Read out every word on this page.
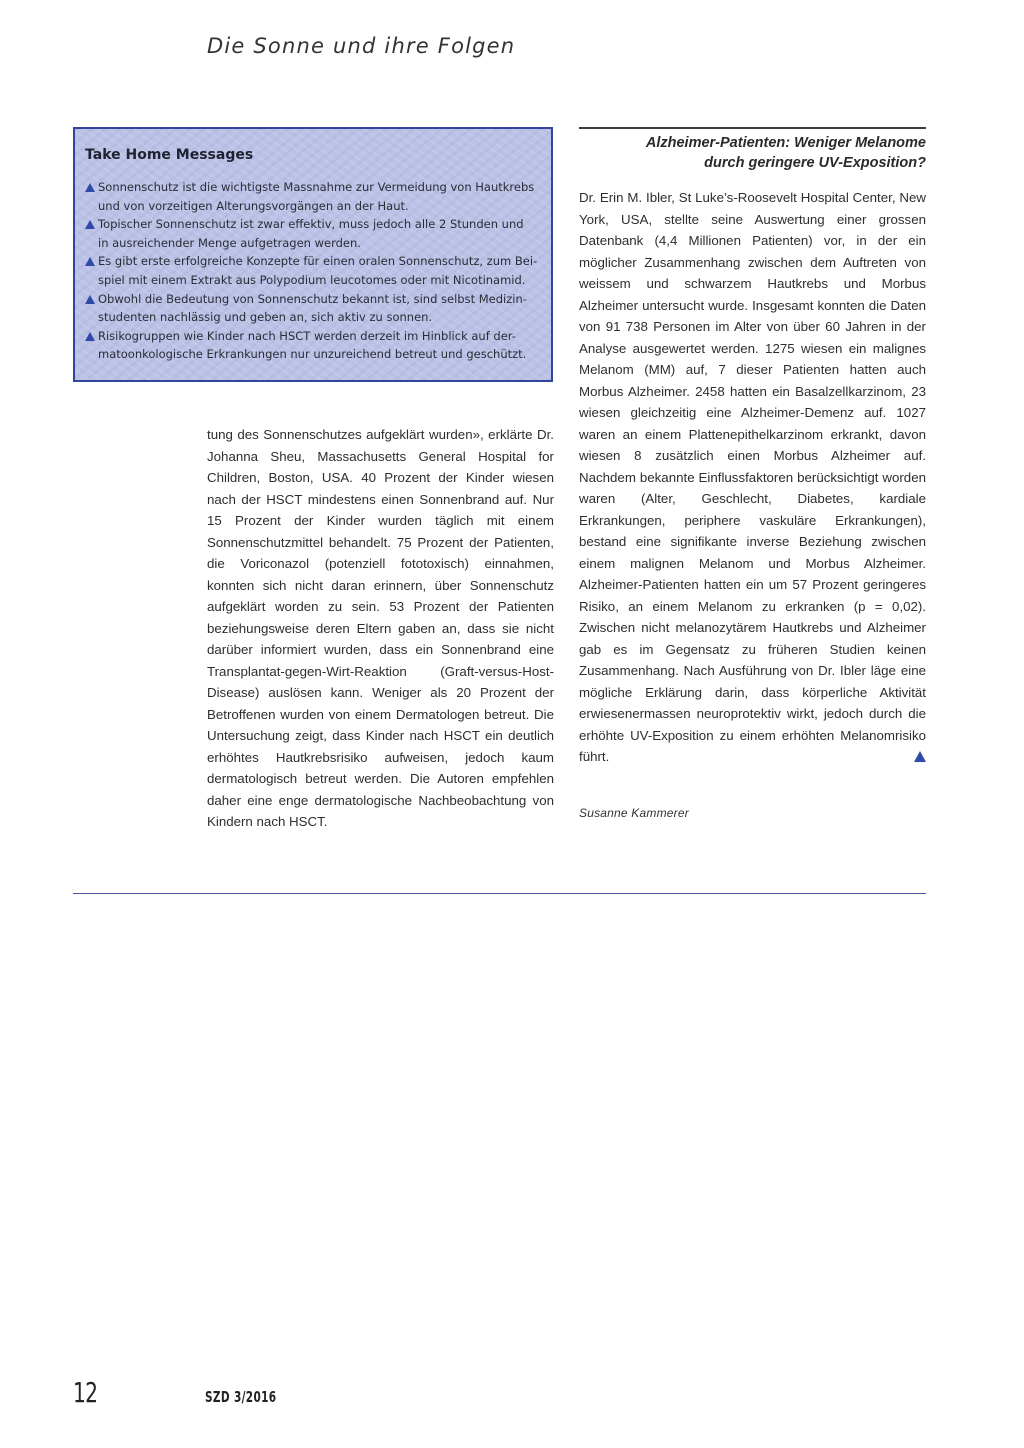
Die Sonne und ihre Folgen
Take Home Messages
Sonnenschutz ist die wichtigste Massnahme zur Vermeidung von Hautkrebs
und von vorzeitigen Alterungsvorgängen an der Haut.
Topischer Sonnenschutz ist zwar effektiv, muss jedoch alle 2 Stunden und
in ausreichender Menge aufgetragen werden.
Es gibt erste erfolgreiche Konzepte für einen oralen Sonnenschutz, zum Bei-
spiel mit einem Extrakt aus Polypodium leucotomes oder mit Nicotinamid.
Obwohl die Bedeutung von Sonnenschutz bekannt ist, sind selbst Medizin-
studenten nachlässig und geben an, sich aktiv zu sonnen.
Risikogruppen wie Kinder nach HSCT werden derzeit im Hinblick auf der-
matoonkologische Erkrankungen nur unzureichend betreut und geschützt.

tung des Sonnenschutzes aufgeklärt wurden», erklärte Dr. Johanna Sheu, Massachusetts General Hospital for Children, Boston, USA. 40 Prozent der Kinder wiesen nach der HSCT mindestens einen Sonnenbrand auf. Nur 15 Prozent der Kinder wurden täglich mit einem Sonnenschutzmittel behandelt. 75 Prozent der Patienten, die Voriconazol (potenziell fototoxisch) einnahmen, konnten sich nicht daran erinnern, über Sonnenschutz aufgeklärt worden zu sein. 53 Prozent der Patienten beziehungsweise deren Eltern gaben an, dass sie nicht darüber informiert wurden, dass ein Sonnenbrand eine Transplantat-gegen-Wirt-Reaktion (Graft-versus-Host-Disease) auslösen kann. Weniger als 20 Prozent der Betroffenen wurden von einem Dermatologen betreut. Die Untersuchung zeigt, dass Kinder nach HSCT ein deutlich erhöhtes Hautkrebsrisiko aufweisen, jedoch kaum dermatologisch betreut werden. Die Autoren empfehlen daher eine enge dermatologische Nachbeobachtung von Kindern nach HSCT.

Alzheimer-Patienten: Weniger Melanome
durch geringere UV-Exposition?

Dr. Erin M. Ibler, St Luke’s-Roosevelt Hospital Center, New York, USA, stellte seine Auswertung einer grossen Datenbank (4,4 Millionen Patienten) vor, in der ein möglicher Zusammenhang zwischen dem Auftreten von weissem und schwarzem Hautkrebs und Morbus Alzheimer untersucht wurde. Insgesamt konnten die Daten von 91 738 Personen im Alter von über 60 Jahren in der Analyse ausgewertet werden. 1275 wiesen ein malignes Melanom (MM) auf, 7 dieser Patienten hatten auch Morbus Alzheimer. 2458 hatten ein Basalzellkarzinom, 23 wiesen gleichzeitig eine Alzheimer-Demenz auf. 1027 waren an einem Plattenepithelkarzinom erkrankt, davon wiesen 8 zusätzlich einen Morbus Alzheimer auf. Nachdem bekannte Einflussfaktoren berücksichtigt worden waren (Alter, Geschlecht, Diabetes, kardiale Erkrankungen, periphere vaskuläre Erkrankungen), bestand eine signifikante inverse Beziehung zwischen einem malignen Melanom und Morbus Alzheimer. Alzheimer-Patienten hatten ein um 57 Prozent geringeres Risiko, an einem Melanom zu erkranken (p = 0,02). Zwischen nicht melanozytärem Hautkrebs und Alzheimer gab es im Gegensatz zu früheren Studien keinen Zusammenhang. Nach Ausführung von Dr. Ibler läge eine mögliche Erklärung darin, dass körperliche Aktivität erwiesenermassen neuroprotektiv wirkt, jedoch durch die erhöhte UV-Exposition zu einem erhöhten Melanomrisiko führt.

Susanne Kammerer
12	SZD 3/2016
